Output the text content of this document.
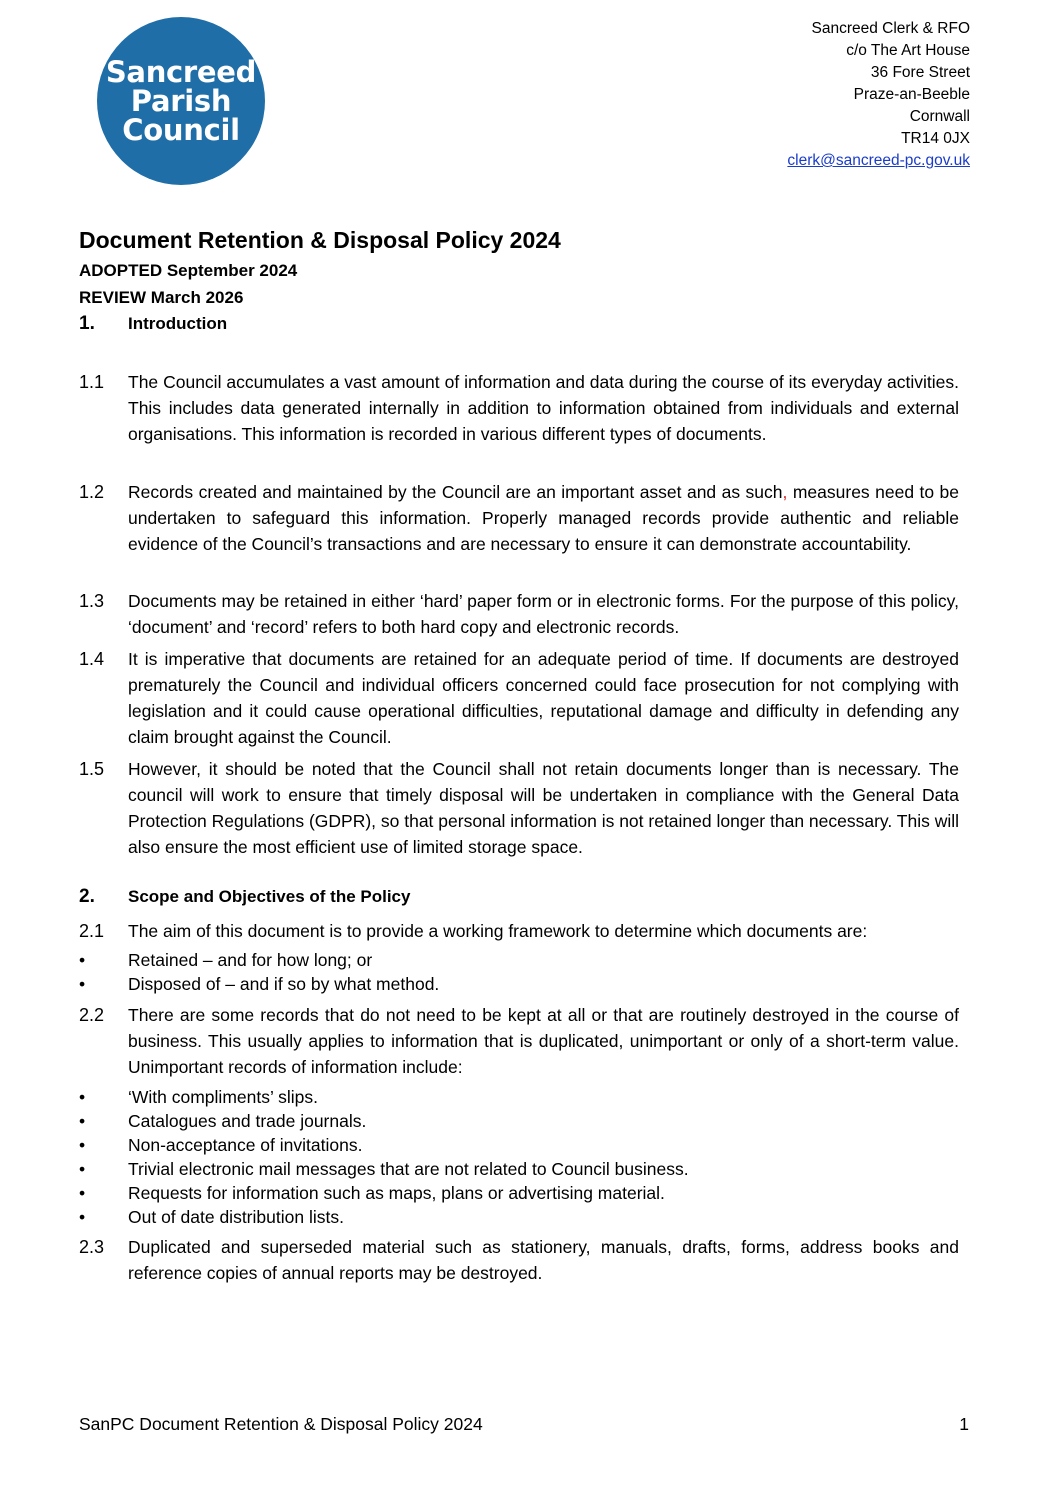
Sancreed
Parish
Council
Sancreed Clerk & RFO
c/o The Art House
36 Fore Street
Praze-an-Beeble
Cornwall
TR14 0JX
clerk@sancreed-pc.gov.uk
Document Retention & Disposal Policy 2024
ADOPTED September 2024
REVIEW March 2026
1. Introduction
1.1 The Council accumulates a vast amount of information and data during the course of its everyday activities. This includes data generated internally in addition to information obtained from individuals and external organisations. This information is recorded in various different types of documents.
1.2 Records created and maintained by the Council are an important asset and as such, measures need to be undertaken to safeguard this information. Properly managed records provide authentic and reliable evidence of the Council’s transactions and are necessary to ensure it can demonstrate accountability.
1.3 Documents may be retained in either ‘hard’ paper form or in electronic forms. For the purpose of this policy, ‘document’ and ‘record’ refers to both hard copy and electronic records.
1.4 It is imperative that documents are retained for an adequate period of time. If documents are destroyed prematurely the Council and individual officers concerned could face prosecution for not complying with legislation and it could cause operational difficulties, reputational damage and difficulty in defending any claim brought against the Council.
1.5 However, it should be noted that the Council shall not retain documents longer than is necessary. The council will work to ensure that timely disposal will be undertaken in compliance with the General Data Protection Regulations (GDPR), so that personal information is not retained longer than necessary. This will also ensure the most efficient use of limited storage space.
2. Scope and Objectives of the Policy
2.1 The aim of this document is to provide a working framework to determine which documents are:
• Retained – and for how long; or
• Disposed of – and if so by what method.
2.2 There are some records that do not need to be kept at all or that are routinely destroyed in the course of business. This usually applies to information that is duplicated, unimportant or only of a short-term value. Unimportant records of information include:
• ‘With compliments’ slips.
• Catalogues and trade journals.
• Non-acceptance of invitations.
• Trivial electronic mail messages that are not related to Council business.
• Requests for information such as maps, plans or advertising material.
• Out of date distribution lists.
2.3 Duplicated and superseded material such as stationery, manuals, drafts, forms, address books and reference copies of annual reports may be destroyed.
SanPC Document Retention & Disposal Policy 2024	1
